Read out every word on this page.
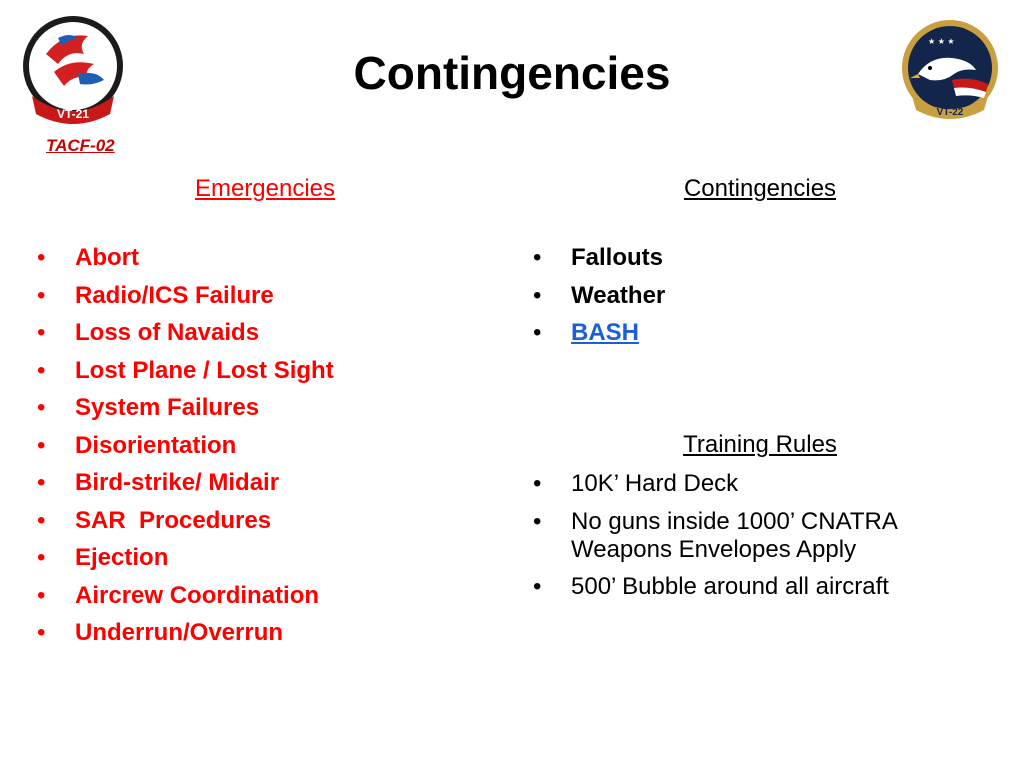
VT-21
Contingencies
★ ★ ★
VT-22
TACF-02
Emergencies
•	Abort
•	Radio/ICS Failure
•	Loss of Navaids
•	Lost Plane / Lost Sight
•	System Failures
•	Disorientation
•	Bird-strike/ Midair
•	SAR  Procedures
•	Ejection
•	Aircrew Coordination
•	Underrun/Overrun
Contingencies
•	Fallouts
•	Weather
•	BASH
Training Rules
•	10K’ Hard Deck
•	No guns inside 1000’ CNATRA Weapons Envelopes Apply
•	500’ Bubble around all aircraft
